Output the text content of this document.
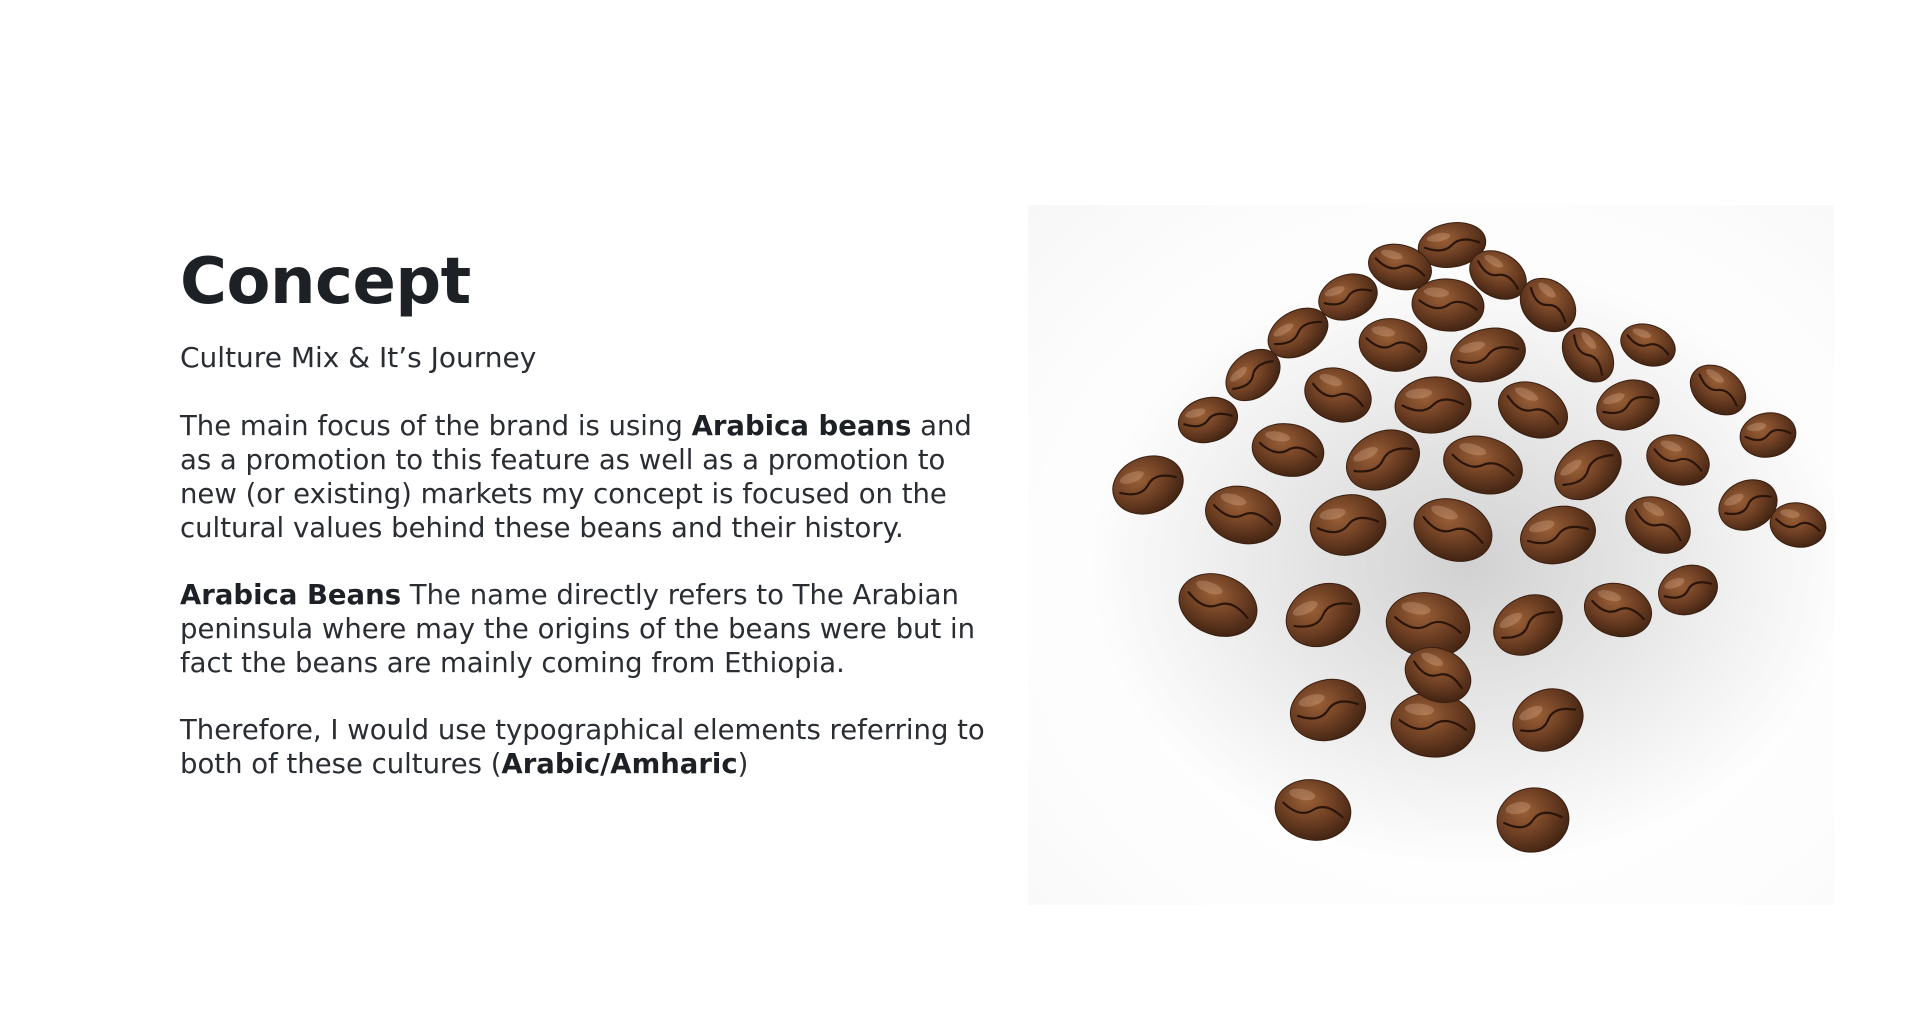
Concept

Culture Mix & It’s Journey

The main focus of the brand is using Arabica beans and as a promotion to this feature as well as a promotion to new (or existing) markets my concept is focused on the cultural values behind these beans and their history.

Arabica Beans The name directly refers to The Arabian peninsula where may the origins of the beans were but in fact the beans are mainly coming from Ethiopia.

Therefore, I would use typographical elements referring to both of these cultures (Arabic/Amharic)
